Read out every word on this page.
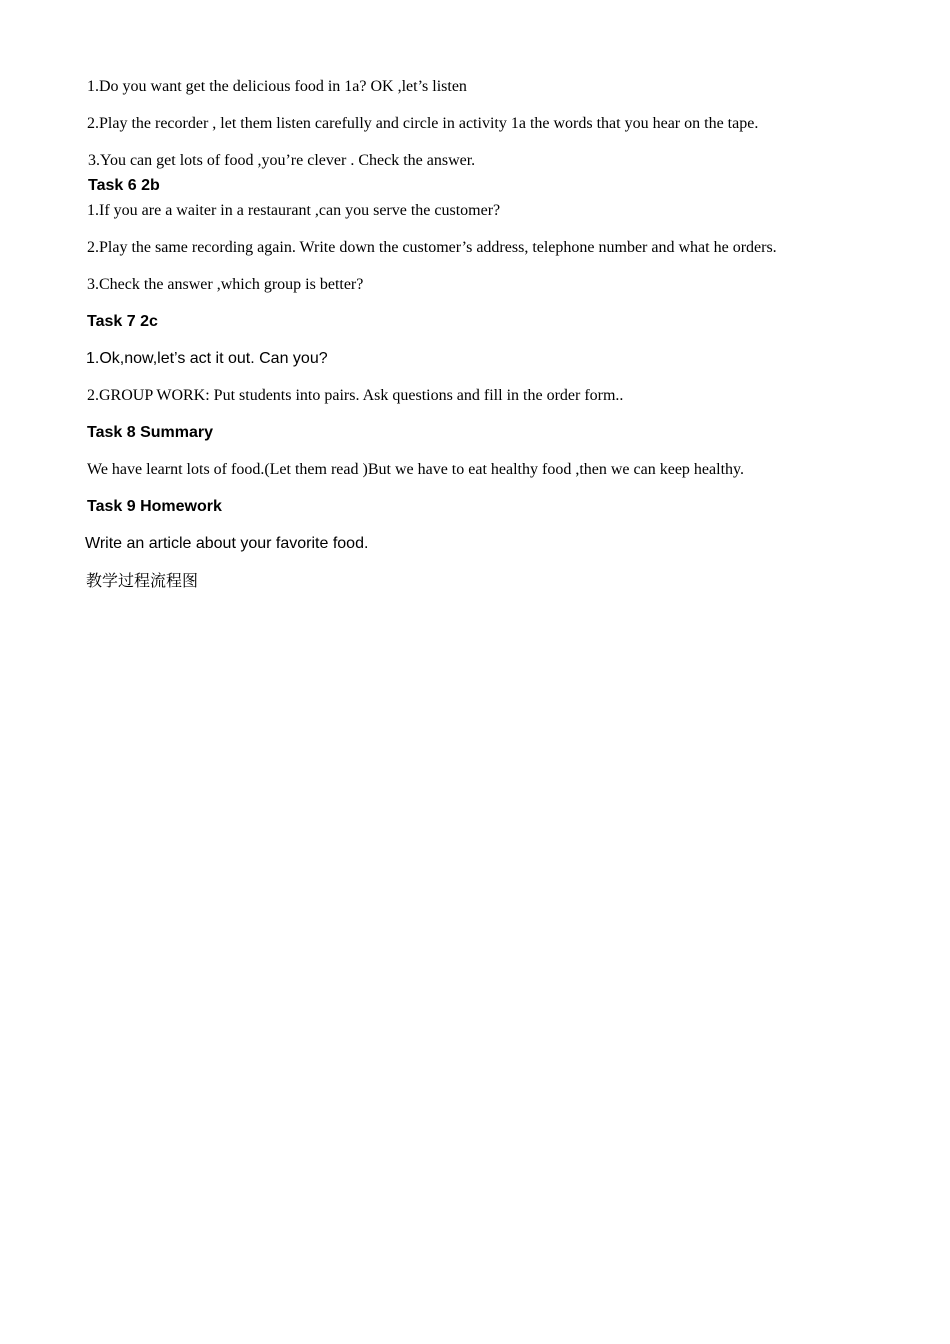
1.Do you want get the delicious food in 1a? OK ,let’s listen
2.Play the recorder , let them listen carefully and circle in activity 1a the words that you hear on the tape.
3.You can get lots of food ,you’re clever . Check the answer.
Task 6 2b
1.If you are a waiter in a restaurant ,can you serve the customer?
2.Play the same recording again. Write down the customer’s address, telephone number and what he orders.
3.Check the answer ,which group is better?
Task 7 2c
1.Ok,now,let’s act it out. Can you?
2.GROUP WORK: Put students into pairs. Ask questions and fill in the order form..
Task 8 Summary
We have learnt lots of food.(Let them read )But we have to eat healthy food ,then we can keep healthy.
Task 9 Homework
Write an article about your favorite food.
教学过程流程图
